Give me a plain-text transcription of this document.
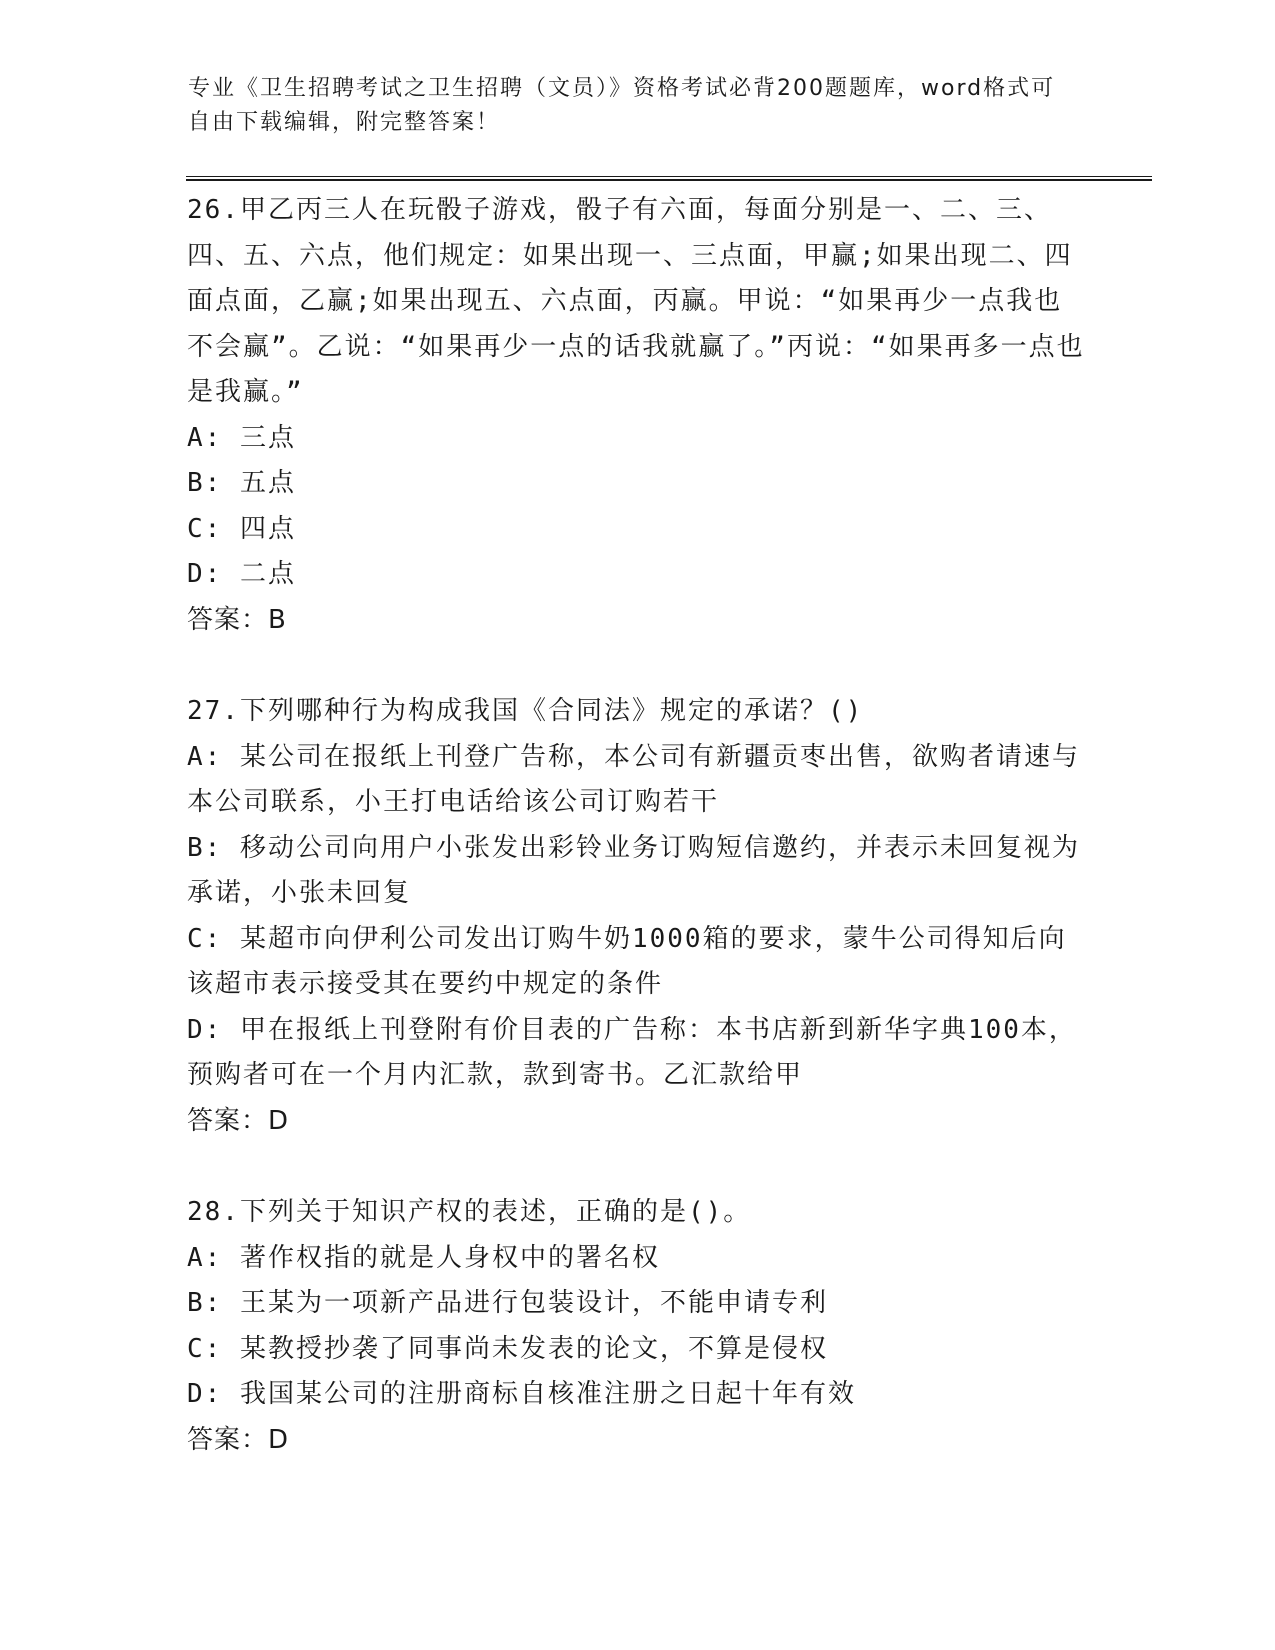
专业《卫生招聘考试之卫生招聘（文员）》资格考试必背200题题库，word格式可自由下载编辑，附完整答案！
26.甲乙丙三人在玩骰子游戏，骰子有六面，每面分别是一、二、三、四、五、六点，他们规定：如果出现一、三点面，甲赢;如果出现二、四面点面，乙赢;如果出现五、六点面，丙赢。甲说：“如果再少一点我也不会赢”。乙说：“如果再少一点的话我就赢了。”丙说：“如果再多一点也是我赢。”
A: 三点
B: 五点
C: 四点
D: 二点
答案：B
27.下列哪种行为构成我国《合同法》规定的承诺？()
A: 某公司在报纸上刊登广告称，本公司有新疆贡枣出售，欲购者请速与本公司联系，小王打电话给该公司订购若干
B: 移动公司向用户小张发出彩铃业务订购短信邀约，并表示未回复视为承诺，小张未回复
C: 某超市向伊利公司发出订购牛奶1000箱的要求，蒙牛公司得知后向该超市表示接受其在要约中规定的条件
D: 甲在报纸上刊登附有价目表的广告称：本书店新到新华字典100本，预购者可在一个月内汇款，款到寄书。乙汇款给甲
答案：D
28.下列关于知识产权的表述，正确的是()。
A: 著作权指的就是人身权中的署名权
B: 王某为一项新产品进行包装设计，不能申请专利
C: 某教授抄袭了同事尚未发表的论文，不算是侵权
D: 我国某公司的注册商标自核准注册之日起十年有效
答案：D
